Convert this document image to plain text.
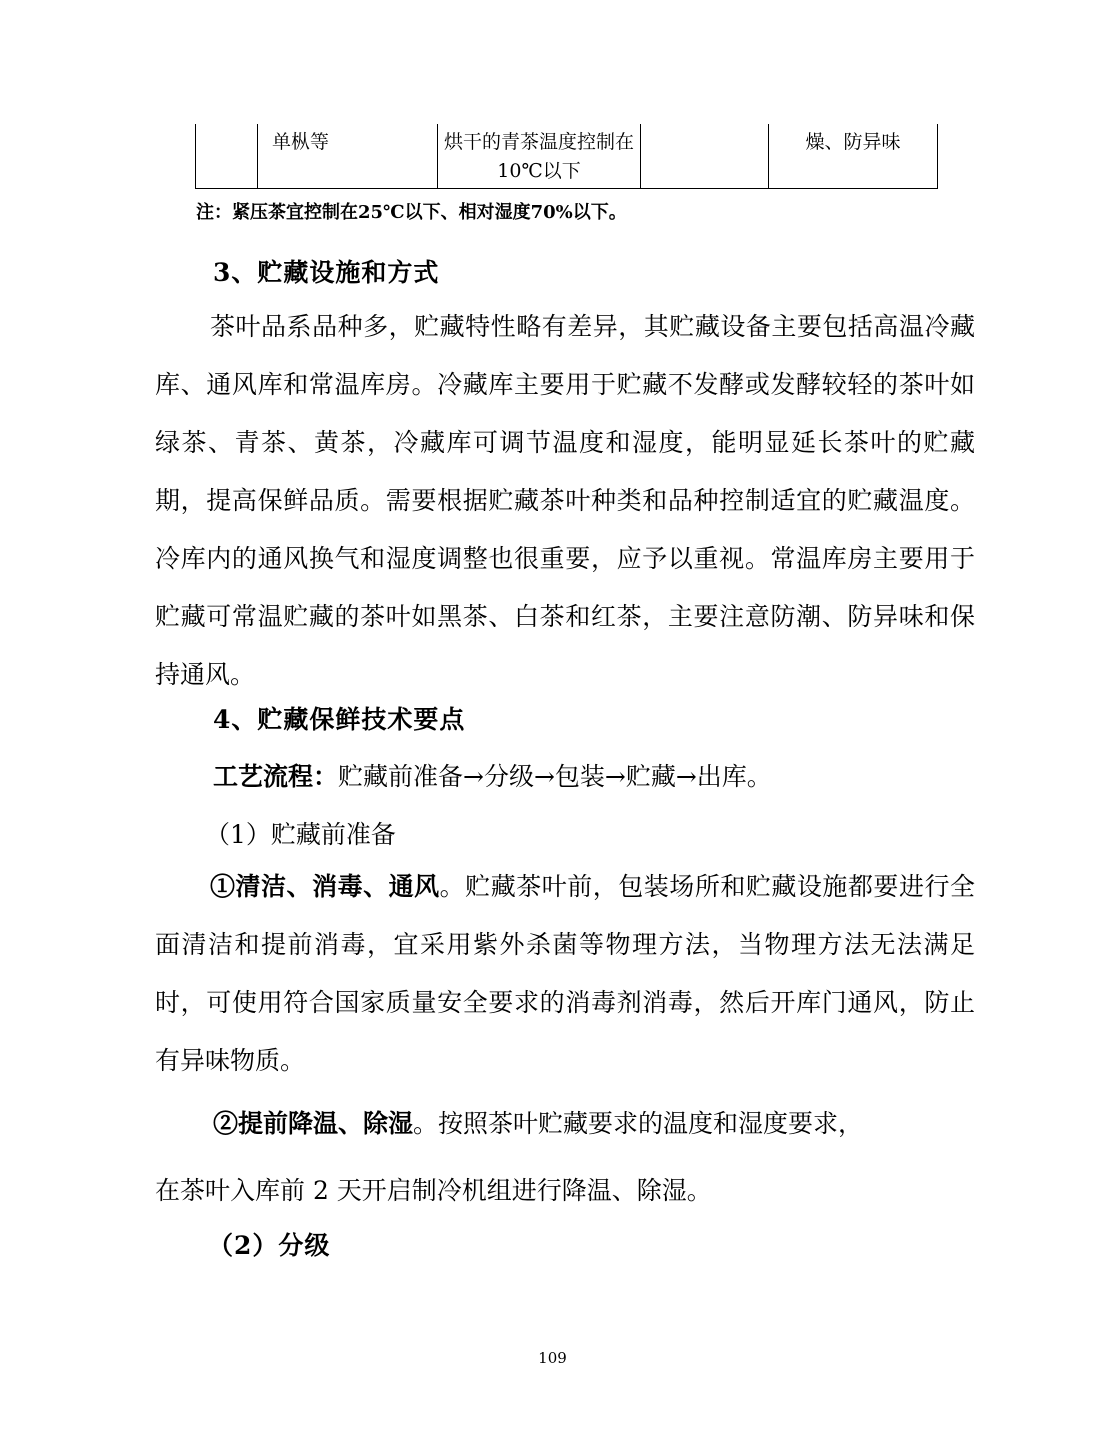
	单枞等	烘干的青茶温度控制在10℃以下		燥、防异味
注：紧压茶宜控制在25℃以下、相对湿度70%以下。
3、贮藏设施和方式

茶叶品系品种多，贮藏特性略有差异，其贮藏设备主要包括高温冷藏库、通风库和常温库房。冷藏库主要用于贮藏不发酵或发酵较轻的茶叶如绿茶、青茶、黄茶，冷藏库可调节温度和湿度，能明显延长茶叶的贮藏期，提高保鲜品质。需要根据贮藏茶叶种类和品种控制适宜的贮藏温度。冷库内的通风换气和湿度调整也很重要，应予以重视。常温库房主要用于贮藏可常温贮藏的茶叶如黑茶、白茶和红茶，主要注意防潮、防异味和保持通风。

4、贮藏保鲜技术要点
工艺流程：贮藏前准备→分级→包装→贮藏→出库。
（1）贮藏前准备

①清洁、消毒、通风。贮藏茶叶前，包装场所和贮藏设施都要进行全面清洁和提前消毒，宜采用紫外杀菌等物理方法，当物理方法无法满足时，可使用符合国家质量安全要求的消毒剂消毒，然后开库门通风，防止有异味物质。

②提前降温、除湿。按照茶叶贮藏要求的温度和湿度要求，
在茶叶入库前 2 天开启制冷机组进行降温、除湿。
（2）分级
109
